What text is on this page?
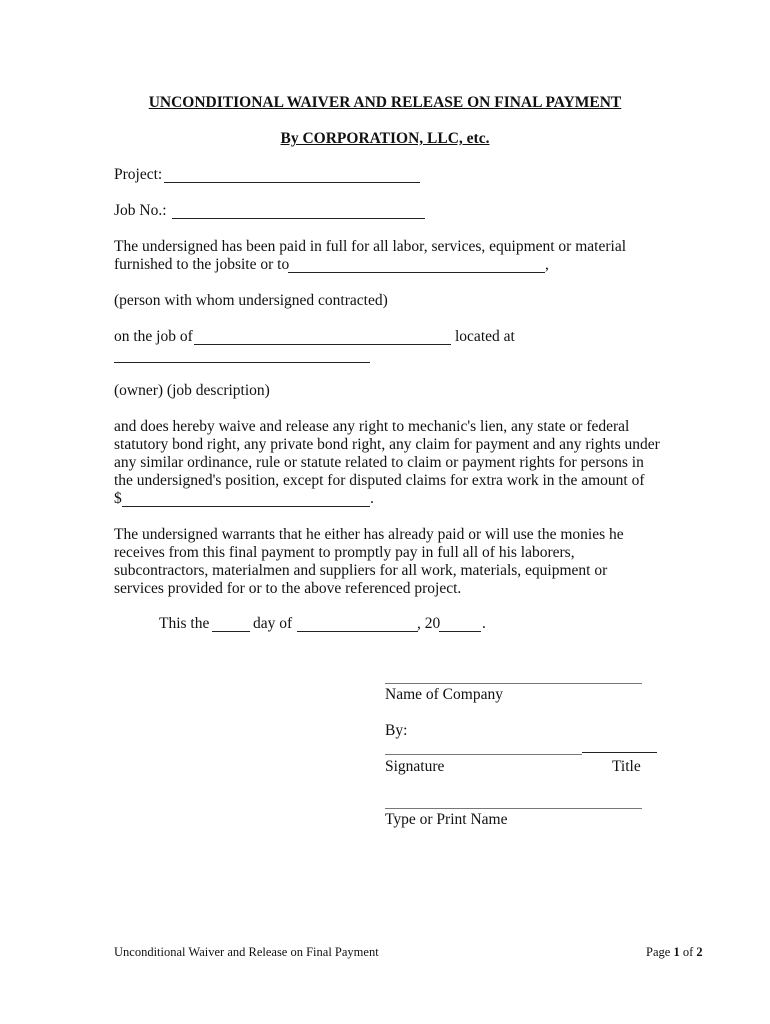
UNCONDITIONAL WAIVER AND RELEASE ON FINAL PAYMENT
By CORPORATION, LLC, etc.
Project:
Job No.:
The undersigned has been paid in full for all labor, services, equipment or material
furnished to the jobsite or to	,
(person with whom undersigned contracted)
on the job of	located at
(owner) (job description)
and does hereby waive and release any right to mechanic's lien, any state or federal statutory bond right, any private bond right, any claim for payment and any rights under any similar ordinance, rule or statute related to claim or payment rights for persons in the undersigned's position, except for disputed claims for extra work in the amount of
$	.
The undersigned warrants that he either has already paid or will use the monies he receives from this final payment to promptly pay in full all of his laborers, subcontractors, materialmen and suppliers for all work, materials, equipment or services provided for or to the above referenced project.
This the	day of	, 20	.
Name of Company
By:
Signature	Title
Type or Print Name
Unconditional Waiver and Release on Final Payment	Page 1 of 2
